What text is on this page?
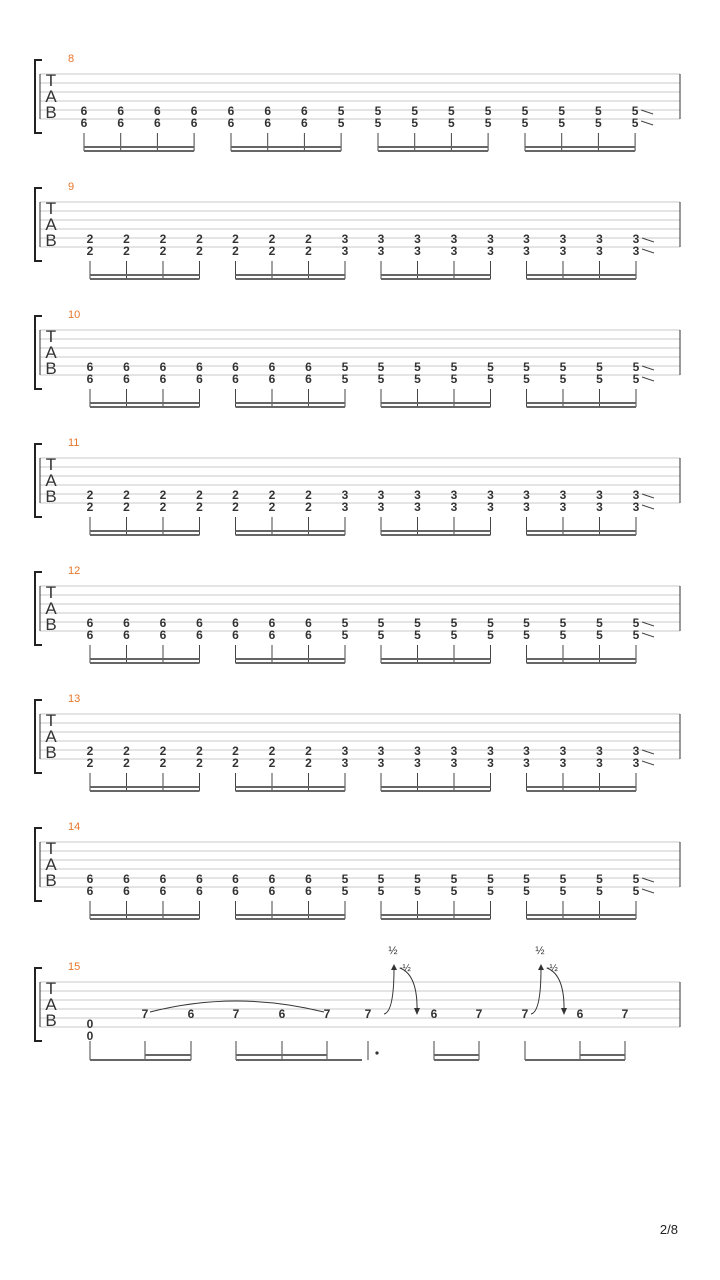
T
A
B
8
6
6
6
6
6
6
6
6
6
6
6
6
6
6
5
5
5
5
5
5
5
5
5
5
5
5
5
5
5
5
5
5
T
A
B
9
2
2
2
2
2
2
2
2
2
2
2
2
2
2
3
3
3
3
3
3
3
3
3
3
3
3
3
3
3
3
3
3
T
A
B
10
6
6
6
6
6
6
6
6
6
6
6
6
6
6
5
5
5
5
5
5
5
5
5
5
5
5
5
5
5
5
5
5
T
A
B
11
2
2
2
2
2
2
2
2
2
2
2
2
2
2
3
3
3
3
3
3
3
3
3
3
3
3
3
3
3
3
3
3
T
A
B
12
6
6
6
6
6
6
6
6
6
6
6
6
6
6
5
5
5
5
5
5
5
5
5
5
5
5
5
5
5
5
5
5
T
A
B
13
2
2
2
2
2
2
2
2
2
2
2
2
2
2
3
3
3
3
3
3
3
3
3
3
3
3
3
3
3
3
3
3
T
A
B
14
6
6
6
6
6
6
6
6
6
6
6
6
6
6
5
5
5
5
5
5
5
5
5
5
5
5
5
5
5
5
5
5
T
A
B
15
0
0
7	6	7	6	7	7	6	7	7	6	7
½
-½
½
-½
2/8
